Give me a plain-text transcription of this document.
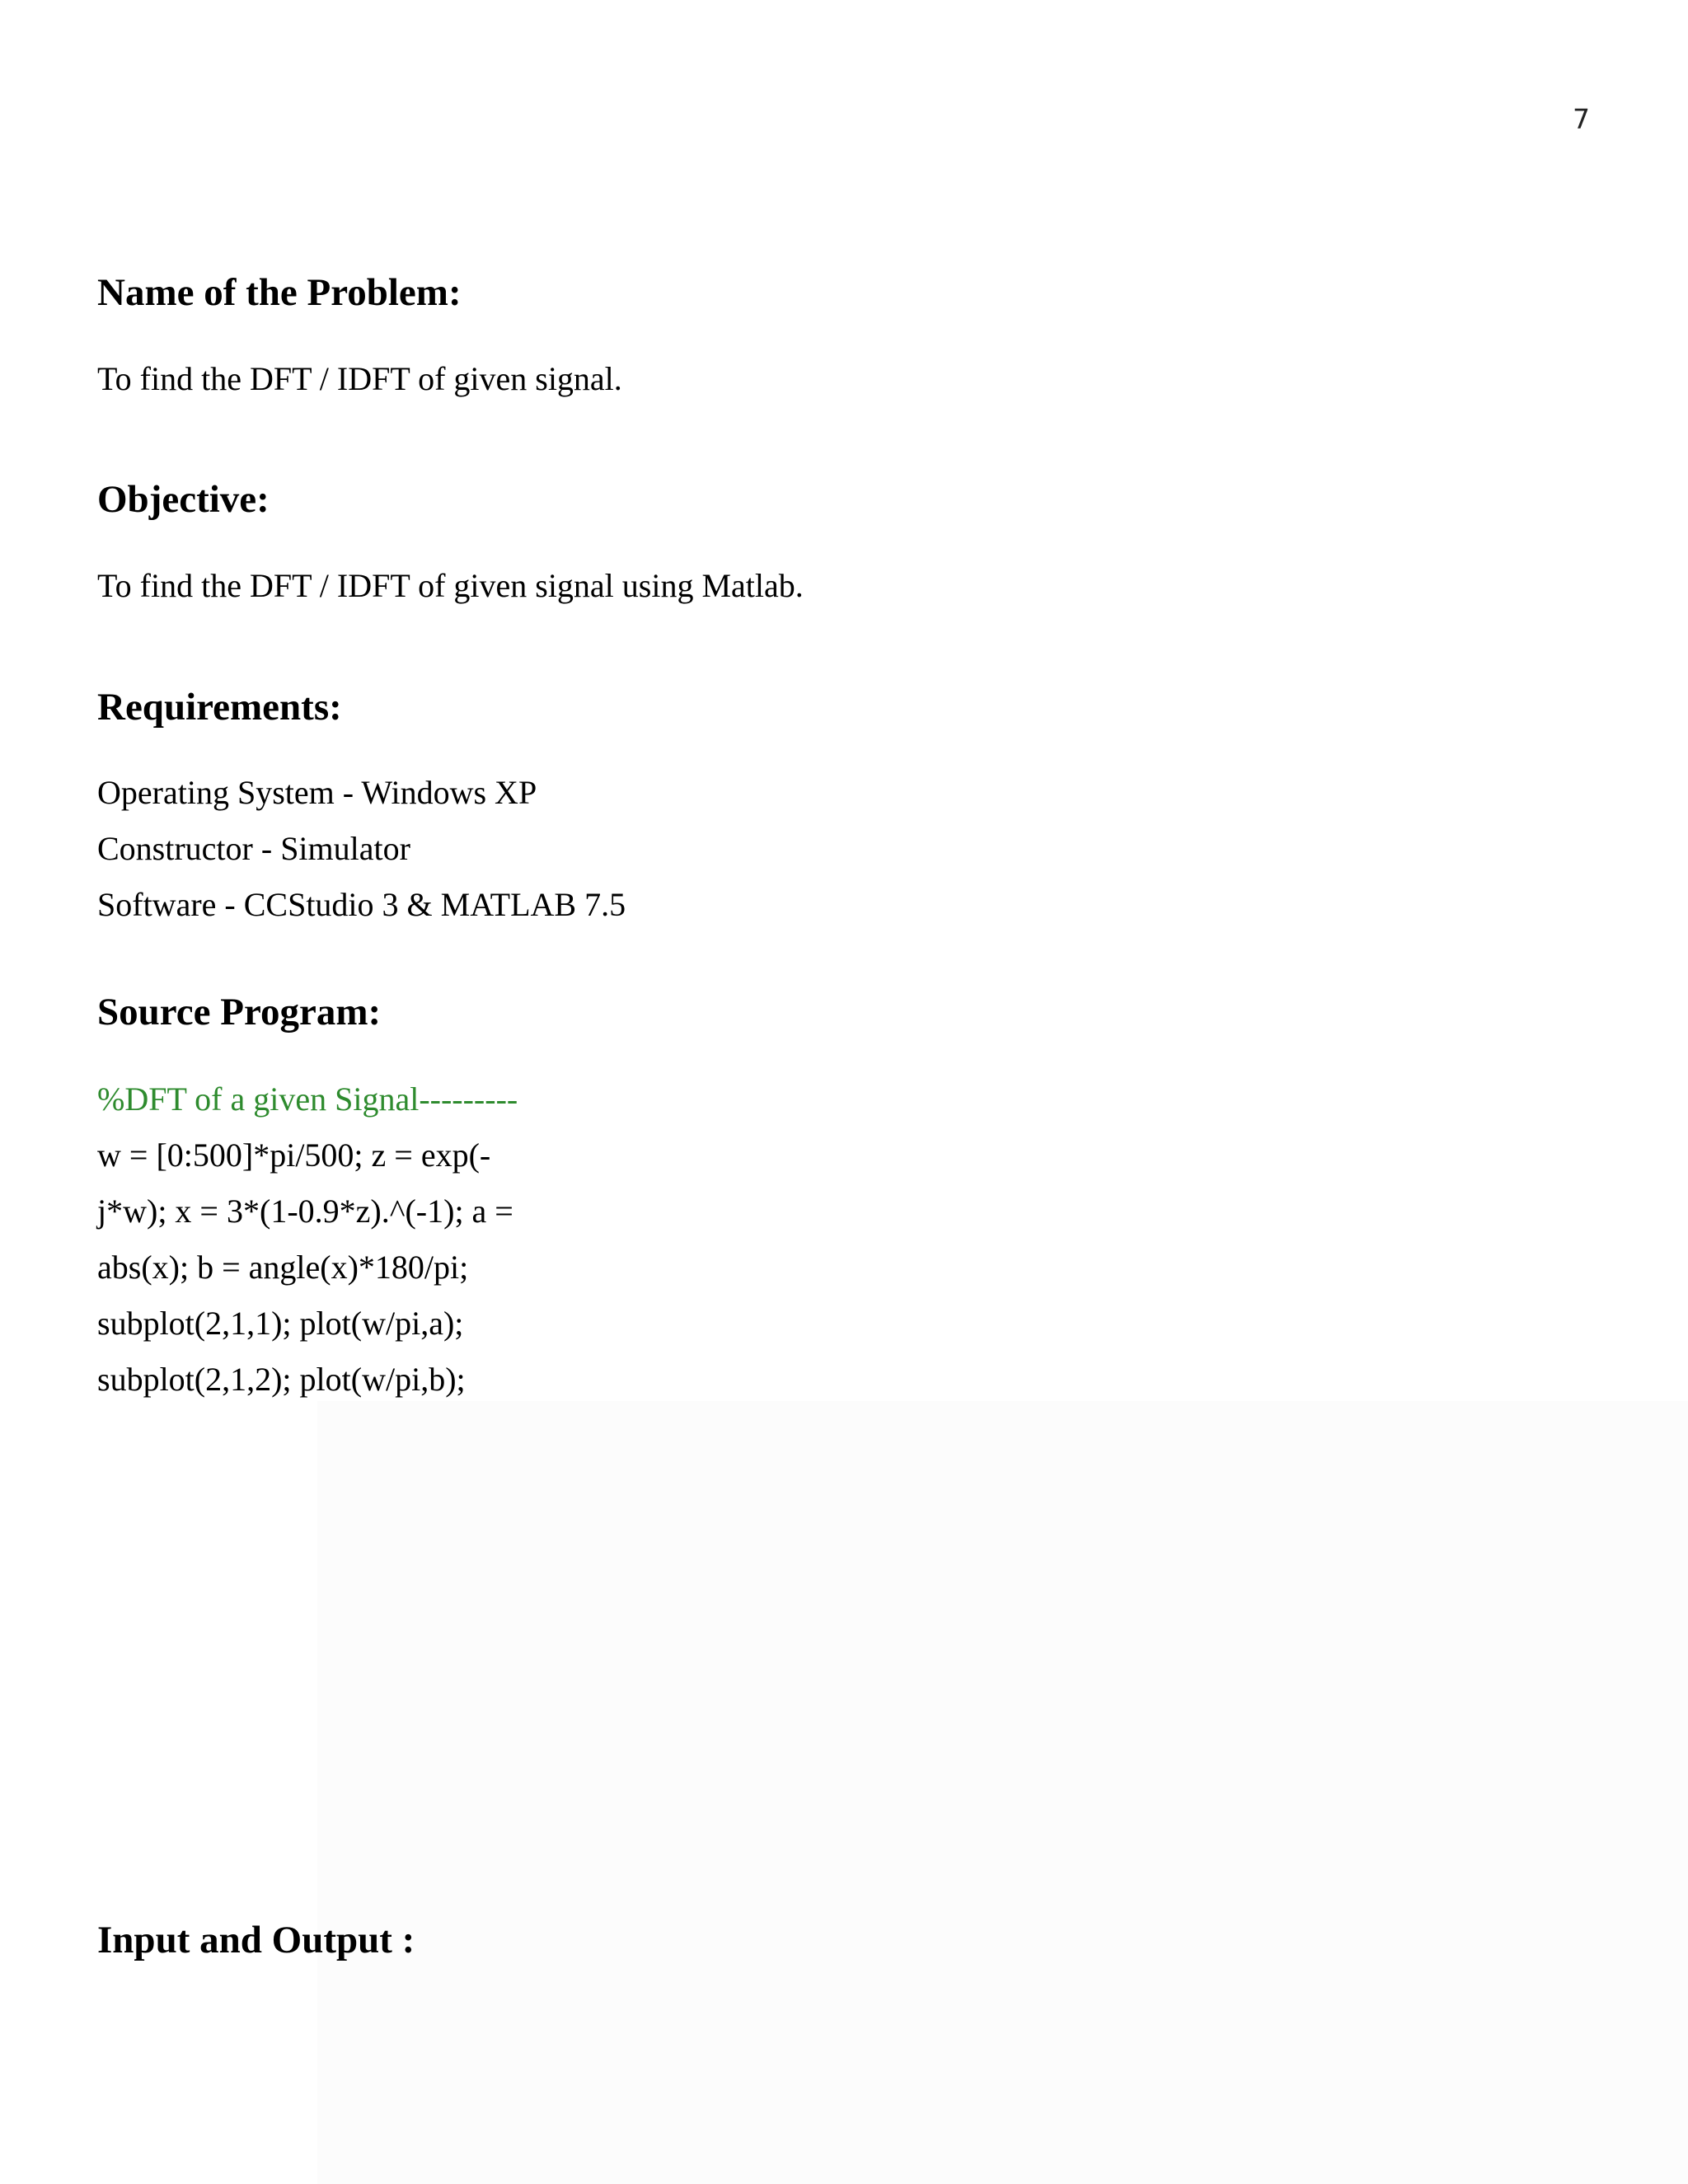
7
Name of the Problem:

To find the DFT / IDFT of given signal.

Objective:

To find the DFT / IDFT of given signal using Matlab.

Requirements:

Operating System - Windows XP

Constructor - Simulator

Software - CCStudio 3 & MATLAB 7.5

Source Program:

%DFT of a given Signal---------

w = [0:500]*pi/500; z = exp(-

j*w); x = 3*(1-0.9*z).^(-1); a =

abs(x); b = angle(x)*180/pi;

subplot(2,1,1); plot(w/pi,a);

subplot(2,1,2); plot(w/pi,b);

Input and Output :
